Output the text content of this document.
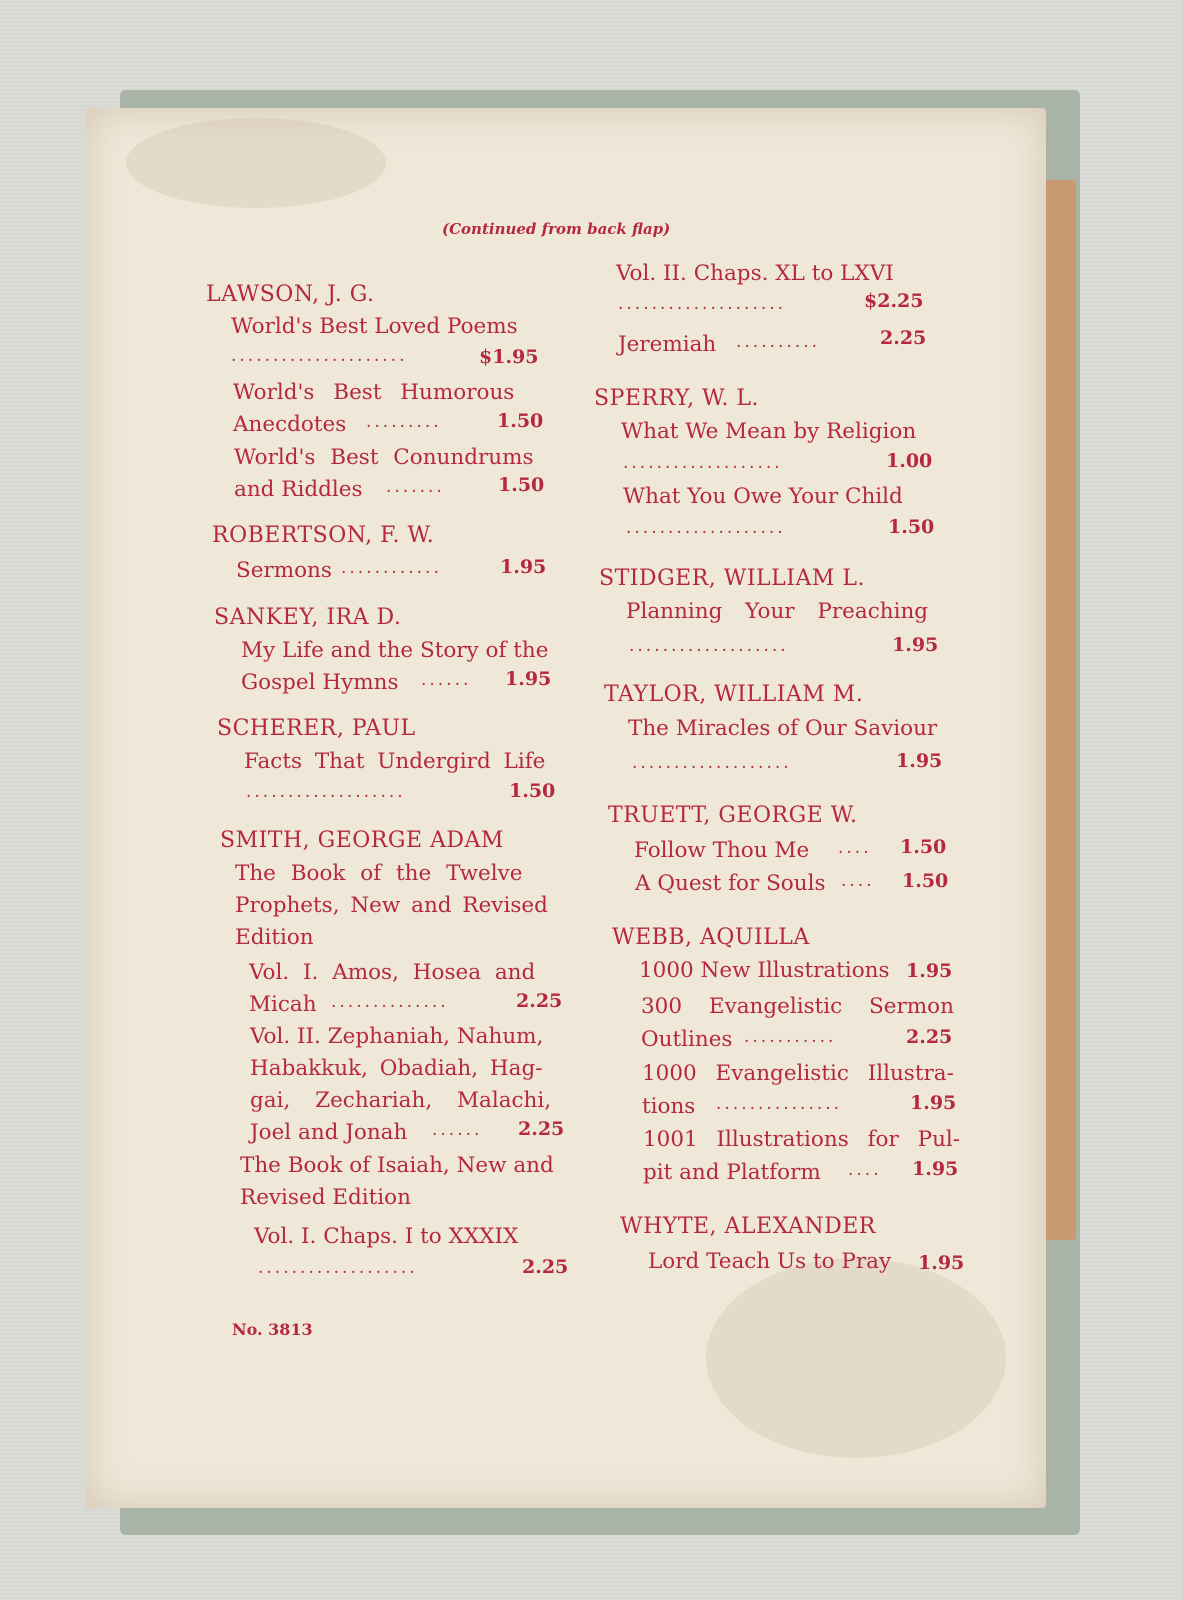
(Continued from back flap)
LAWSON, J. G.
World's Best Loved Poems
.....................	$1.95
World's Best Humorous
Anecdotes .........	1.50
World's Best Conundrums
and Riddles .......	1.50
ROBERTSON, F. W.
Sermons ............	1.95
SANKEY, IRA D.
My Life and the Story of the
Gospel Hymns ...... 1.95
SCHERER, PAUL
Facts That Undergird Life
...................	1.50
SMITH, GEORGE ADAM
The Book of the Twelve
Prophets, New and Revised
Edition
Vol. I. Amos, Hosea and
Micah ..............	2.25
Vol. II. Zephaniah, Nahum,
Habakkuk, Obadiah, Hag-
gai, Zechariah, Malachi,
Joel and Jonah ...... 2.25
The Book of Isaiah, New and
Revised Edition
Vol. I. Chaps. I to XXXIX
...................	2.25
No. 3813
Vol. II. Chaps. XL to LXVI
....................	$2.25
Jeremiah ..........	2.25
SPERRY, W. L.
What We Mean by Religion
...................	1.00
What You Owe Your Child
...................	1.50
STIDGER, WILLIAM L.
Planning Your Preaching
...................	1.95
TAYLOR, WILLIAM M.
The Miracles of Our Saviour
...................	1.95
TRUETT, GEORGE W.
Follow Thou Me .... 1.50
A Quest for Souls .... 1.50
WEBB, AQUILLA
1000 New Illustrations 1.95
300 Evangelistic Sermon
Outlines ...........	2.25
1000 Evangelistic Illustra-
tions ...............	1.95
1001 Illustrations for Pul-
pit and Platform .... 1.95
WHYTE, ALEXANDER
Lord Teach Us to Pray 1.95
